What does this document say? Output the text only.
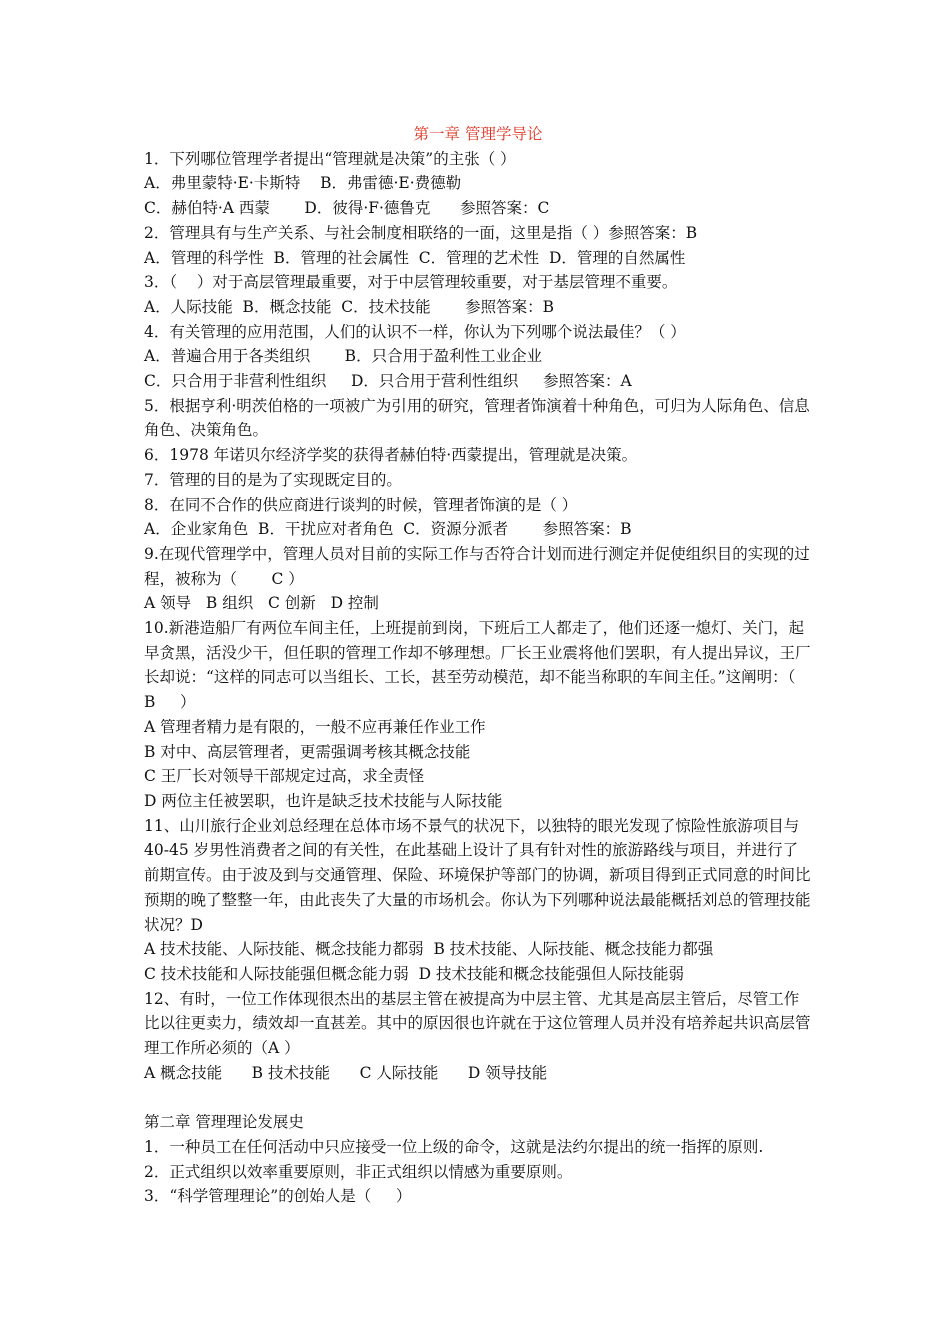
第一章 管理学导论

1．下列哪位管理学者提出“管理就是决策”的主张（ ）

A．弗里蒙特·E·卡斯特    B．弗雷德·E·费德勒

C．赫伯特·A 西蒙       D．彼得·F·德鲁克      参照答案：C

2．管理具有与生产关系、与社会制度相联络的一面，这里是指（ ）参照答案：B

A．管理的科学性  B．管理的社会属性  C．管理的艺术性  D．管理的自然属性

3．（    ）对于高层管理最重要，对于中层管理较重要，对于基层管理不重要。

A．人际技能  B．概念技能  C．技术技能       参照答案：B

4．有关管理的应用范围，人们的认识不一样，你认为下列哪个说法最佳？（ ）

A．普遍合用于各类组织       B．只合用于盈利性工业企业

C．只合用于非营利性组织     D．只合用于营利性组织     参照答案：A

5．根据亨利·明茨伯格的一项被广为引用的研究，管理者饰演着十种角色，可归为人际角色、信息角色、决策角色。

6．1978 年诺贝尔经济学奖的获得者赫伯特·西蒙提出，管理就是决策。

7．管理的目的是为了实现既定目的。

8．在同不合作的供应商进行谈判的时候，管理者饰演的是（ ）

A．企业家角色  B．干扰应对者角色  C．资源分派者       参照答案：B

9.在现代管理学中，管理人员对目前的实际工作与否符合计划而进行测定并促使组织目的实现的过程，被称为（       C ）

A 领导   B 组织   C 创新   D 控制

10.新港造船厂有两位车间主任，上班提前到岗，下班后工人都走了，他们还逐一熄灯、关门，起早贪黑，活没少干，但任职的管理工作却不够理想。厂长王业震将他们罢职，有人提出异议，王厂长却说：“这样的同志可以当组长、工长，甚至劳动模范，却不能当称职的车间主任。”这阐明：（     B     ）

A 管理者精力是有限的，一般不应再兼任作业工作

B 对中、高层管理者，更需强调考核其概念技能

C 王厂长对领导干部规定过高，求全责怪

D 两位主任被罢职，也许是缺乏技术技能与人际技能

11、山川旅行企业刘总经理在总体市场不景气的状况下，以独特的眼光发现了惊险性旅游项目与 40-45 岁男性消费者之间的有关性，在此基础上设计了具有针对性的旅游路线与项目，并进行了前期宣传。由于波及到与交通管理、保险、环境保护等部门的协调，新项目得到正式同意的时间比预期的晚了整整一年，由此丧失了大量的市场机会。你认为下列哪种说法最能概括刘总的管理技能状况？D

A 技术技能、人际技能、概念技能力都弱  B 技术技能、人际技能、概念技能力都强

C 技术技能和人际技能强但概念能力弱  D 技术技能和概念技能强但人际技能弱

12、有时，一位工作体现很杰出的基层主管在被提高为中层主管、尤其是高层主管后，尽管工作比以往更卖力，绩效却一直甚差。其中的原因很也许就在于这位管理人员并没有培养起共识高层管理工作所必须的（A ）

A 概念技能      B 技术技能      C 人际技能      D 领导技能

第二章 管理理论发展史

1．一种员工在任何活动中只应接受一位上级的命令，这就是法约尔提出的统一指挥的原则.

2．正式组织以效率重要原则，非正式组织以情感为重要原则。

3．“科学管理理论”的创始人是（     ）
